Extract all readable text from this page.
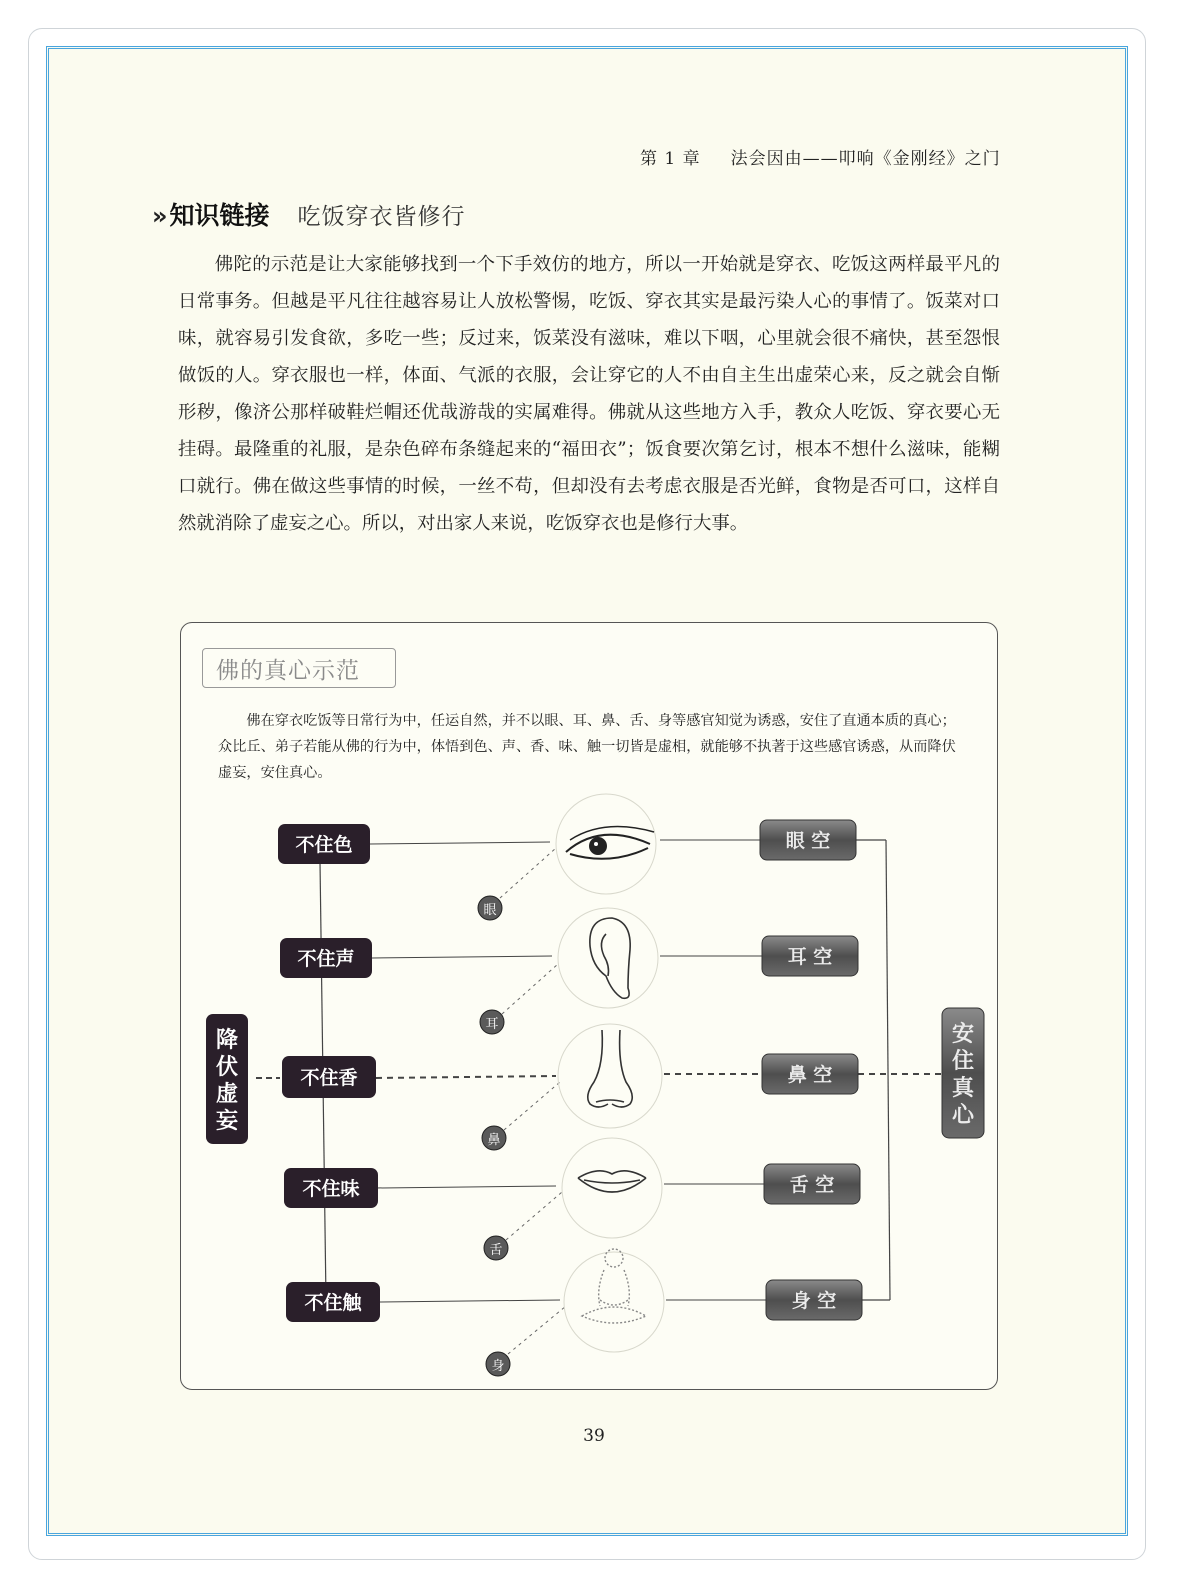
第 1 章 法会因由——叩响《金刚经》之门
» 知识链接 吃饭穿衣皆修行

佛陀的示范是让大家能够找到一个下手效仿的地方，所以一开始就是穿衣、吃饭这两样最平凡的日常事务。但越是平凡往往越容易让人放松警惕，吃饭、穿衣其实是最污染人心的事情了。饭菜对口味，就容易引发食欲，多吃一些；反过来，饭菜没有滋味，难以下咽，心里就会很不痛快，甚至怨恨做饭的人。穿衣服也一样，体面、气派的衣服，会让穿它的人不由自主生出虚荣心来，反之就会自惭形秽，像济公那样破鞋烂帽还优哉游哉的实属难得。佛就从这些地方入手，教众人吃饭、穿衣要心无挂碍。最隆重的礼服，是杂色碎布条缝起来的“福田衣”；饭食要次第乞讨，根本不想什么滋味，能糊口就行。佛在做这些事情的时候，一丝不苟，但却没有去考虑衣服是否光鲜，食物是否可口，这样自然就消除了虚妄之心。所以，对出家人来说，吃饭穿衣也是修行大事。

佛的真心示范

佛在穿衣吃饭等日常行为中，任运自然，并不以眼、耳、鼻、舌、身等感官知觉为诱惑，安住了直通本质的真心；众比丘、弟子若能从佛的行为中，体悟到色、声、香、味、触一切皆是虚相，就能够不执著于这些感官诱惑，从而降伏虚妄，安住真心。

不住色
不住声
不住香
不住味
不住触
眼 空
耳 空
鼻 空
舌 空
身 空
眼
耳
鼻
舌
身
降
伏
虚
妄
安
住
真
心
39
